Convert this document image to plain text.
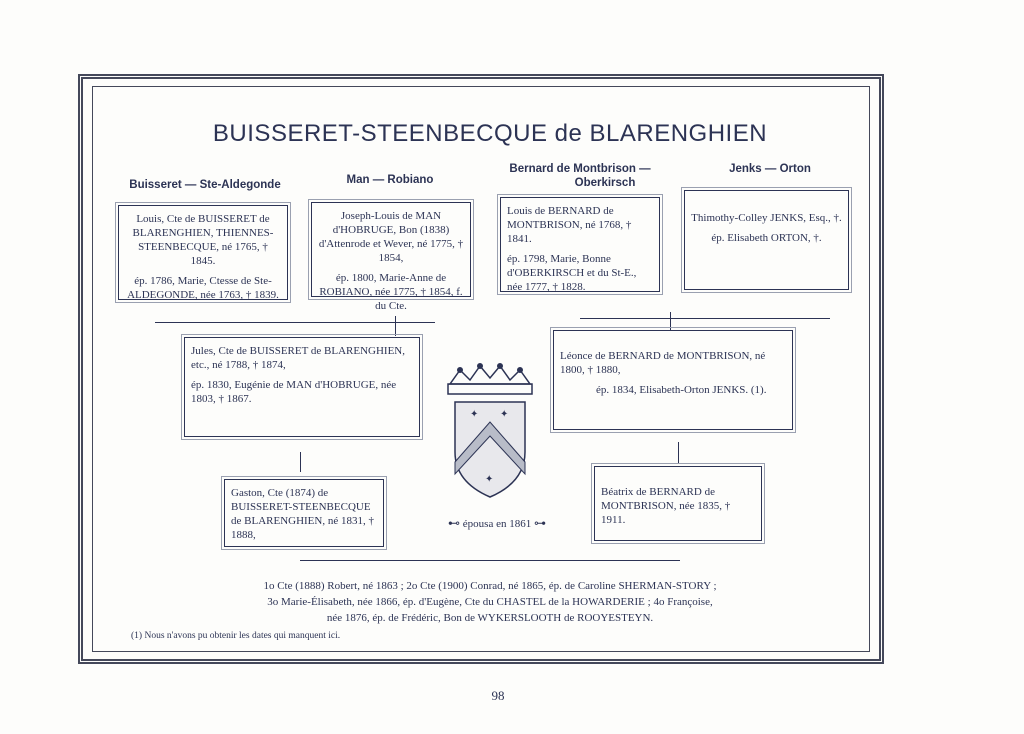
BUISSERET-STEENBECQUE de BLARENGHIEN
Buisseret — Ste-Aldegonde	Man — Robiano
Bernard de Montbrison —
Oberkirsch
Jenks — Orton

Louis, Cte de BUISSERET de BLARENGHIEN, THIENNES-STEENBECQUE, né 1765, † 1845.

ép. 1786, Marie, Ctesse de Ste-ALDEGONDE, née 1763, † 1839.

Joseph-Louis de MAN d'HOBRUGE, Bon (1838) d'Attenrode et Wever, né 1775, † 1854,

ép. 1800, Marie-Anne de ROBIANO, née 1775, † 1854, f. du Cte.

Louis de BERNARD de MONTBRISON, né 1768, † 1841.

ép. 1798, Marie, Bonne d'OBERKIRSCH et du St-E., née 1777, † 1828.

Thimothy-Colley JENKS, Esq., †.

ép. Elisabeth ORTON, †.

Jules, Cte de BUISSERET de BLARENGHIEN, etc., né 1788, † 1874,

ép. 1830, Eugénie de MAN d'HOBRUGE, née 1803, † 1867.

Léonce de BERNARD de MONTBRISON, né 1800, † 1880,

ép. 1834, Elisabeth-Orton JENKS. (1).

✦ ✦
✦

Gaston, Cte (1874) de BUISSERET-STEENBECQUE de BLARENGHIEN, né 1831, † 1888,

Béatrix de BERNARD de MONTBRISON, née 1835, † 1911.

⊷ épousa en 1861 ⊶
1o Cte (1888) Robert, né 1863 ; 2o Cte (1900) Conrad, né 1865, ép. de Caroline SHERMAN-STORY ;
3o Marie-Élisabeth, née 1866, ép. d'Eugène, Cte du CHASTEL de la HOWARDERIE ; 4o Françoise,
née 1876, ép. de Frédéric, Bon de WYKERSLOOTH de ROOYESTEYN.
(1) Nous n'avons pu obtenir les dates qui manquent ici.
98
